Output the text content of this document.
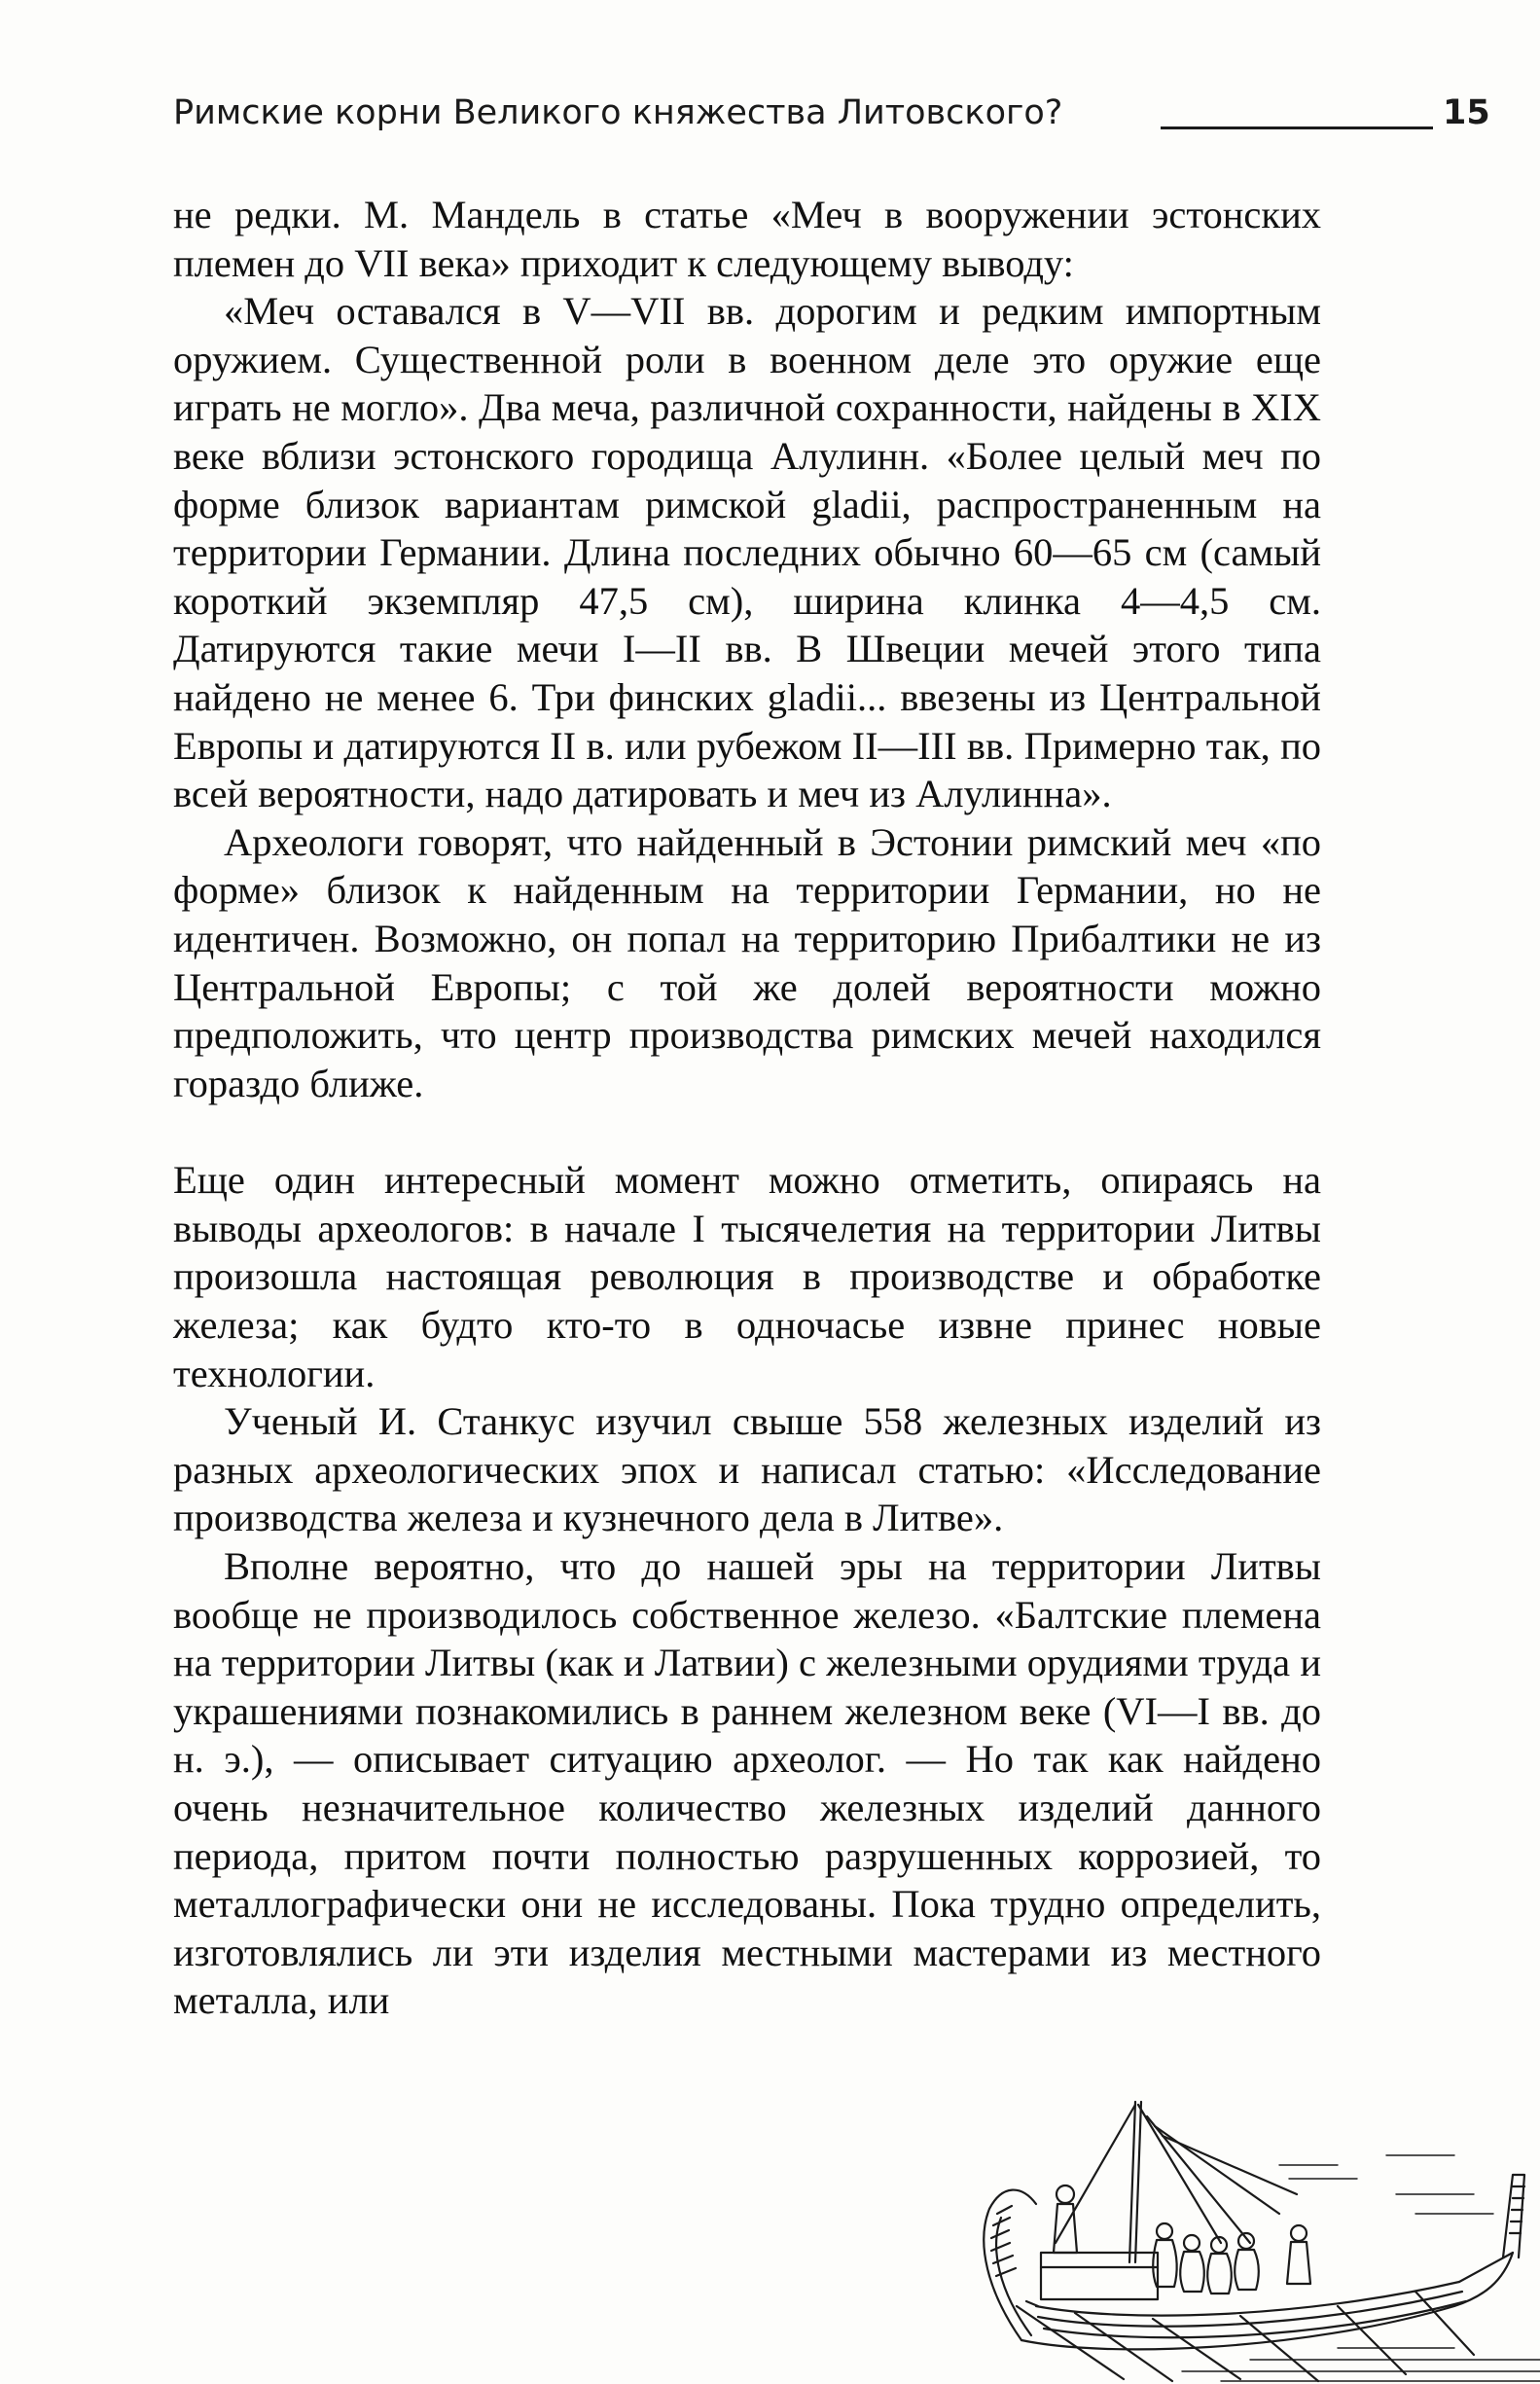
Римские корни Великого княжества Литовского?	15

не редки. М. Мандель в статье «Меч в вооружении эстонских племен до VII века» приходит к следующему выводу:

«Меч оставался в V—VII вв. дорогим и редким импортным оружием. Существенной роли в военном деле это оружие еще играть не могло». Два меча, различной сохранности, найдены в XIX веке вблизи эстонского городища Алулинн. «Более целый меч по форме близок вариантам римской gladii, распространенным на территории Германии. Длина последних обычно 60—65 см (самый короткий экземпляр 47,5 см), ширина клинка 4—4,5 см. Датируются такие мечи I—II вв. В Швеции мечей этого типа найдено не менее 6. Три финских gladii... ввезены из Центральной Европы и датируются II в. или рубежом II—III вв. Примерно так, по всей вероятности, надо датировать и меч из Алулинна».

Археологи говорят, что найденный в Эстонии римский меч «по форме» близок к найденным на территории Германии, но не идентичен. Возможно, он попал на территорию Прибалтики не из Центральной Европы; с той же долей вероятности можно предположить, что центр производства римских мечей находился гораздо ближе.

Еще один интересный момент можно отметить, опираясь на выводы археологов: в начале I тысячелетия на территории Литвы произошла настоящая революция в производстве и обработке железа; как будто кто-то в одночасье извне принес новые технологии.

Ученый И. Станкус изучил свыше 558 железных изделий из разных археологических эпох и написал статью: «Исследование производства железа и кузнечного дела в Литве».

Вполне вероятно, что до нашей эры на территории Литвы вообще не производилось собственное железо. «Балтские племена на территории Литвы (как и Латвии) с железными орудиями труда и украшениями познакомились в раннем железном веке (VI—I вв. до н. э.), — описывает ситуацию археолог. — Но так как найдено очень незначительное количество железных изделий данного периода, притом почти полностью разрушенных коррозией, то металлографически они не исследованы. Пока трудно определить, изготовлялись ли эти изделия местными мастерами из местного металла, или
